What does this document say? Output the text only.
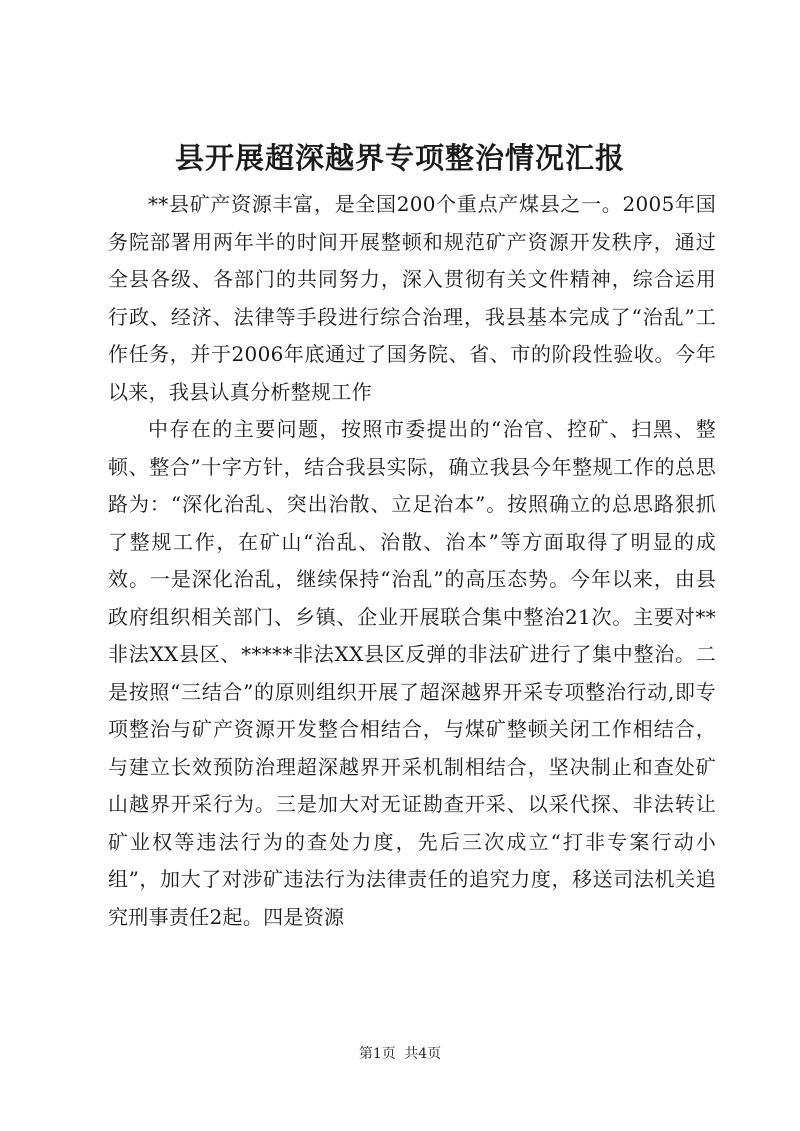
县开展超深越界专项整治情况汇报

**县矿产资源丰富，是全国200个重点产煤县之一。2005年国务院部署用两年半的时间开展整顿和规范矿产资源开发秩序，通过全县各级、各部门的共同努力，深入贯彻有关文件精神，综合运用行政、经济、法律等手段进行综合治理，我县基本完成了“治乱”工作任务，并于2006年底通过了国务院、省、市的阶段性验收。今年以来，我县认真分析整规工作

中存在的主要问题，按照市委提出的“治官、控矿、扫黑、整顿、整合”十字方针，结合我县实际，确立我县今年整规工作的总思路为：“深化治乱、突出治散、立足治本”。按照确立的总思路狠抓了整规工作，在矿山“治乱、治散、治本”等方面取得了明显的成效。一是深化治乱，继续保持“治乱”的高压态势。今年以来，由县政府组织相关部门、乡镇、企业开展联合集中整治21次。主要对**非法XX县区、*****非法XX县区反弹的非法矿进行了集中整治。二是按照“三结合”的原则组织开展了超深越界开采专项整治行动,即专项整治与矿产资源开发整合相结合，与煤矿整顿关闭工作相结合，与建立长效预防治理超深越界开采机制相结合，坚决制止和查处矿山越界开采行为。三是加大对无证勘查开采、以采代探、非法转让矿业权等违法行为的查处力度，先后三次成立“打非专案行动小组”，加大了对涉矿违法行为法律责任的追究力度，移送司法机关追究刑事责任2起。四是资源

第1页 共4页
